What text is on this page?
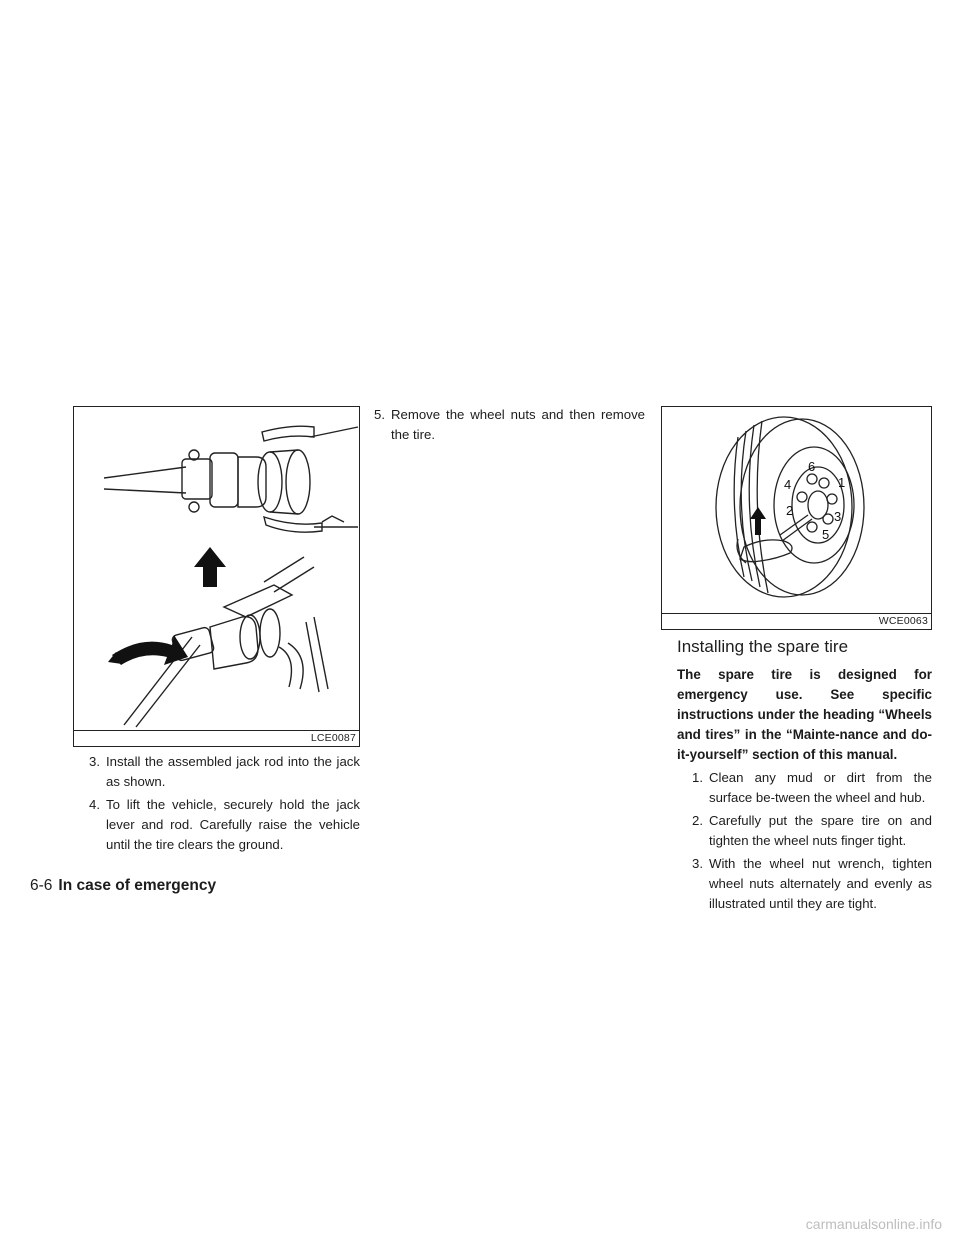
LCE0087
6
1
4
2	3
5
WCE0063
3. Install the assembled jack rod into the jack as shown.
4. To lift the vehicle, securely hold the jack lever and rod. Carefully raise the vehicle until the tire clears the ground.
5. Remove the wheel nuts and then remove the tire.
Installing the spare tire
The spare tire is designed for emergency use. See specific instructions under the heading “Wheels and tires” in the “Mainte-nance and do-it-yourself” section of this manual.
1. Clean any mud or dirt from the surface be-tween the wheel and hub.
2. Carefully put the spare tire on and tighten the wheel nuts finger tight.
3. With the wheel nut wrench, tighten wheel nuts alternately and evenly as illustrated until they are tight.
6-6 In case of emergency
carmanualsonline.info
